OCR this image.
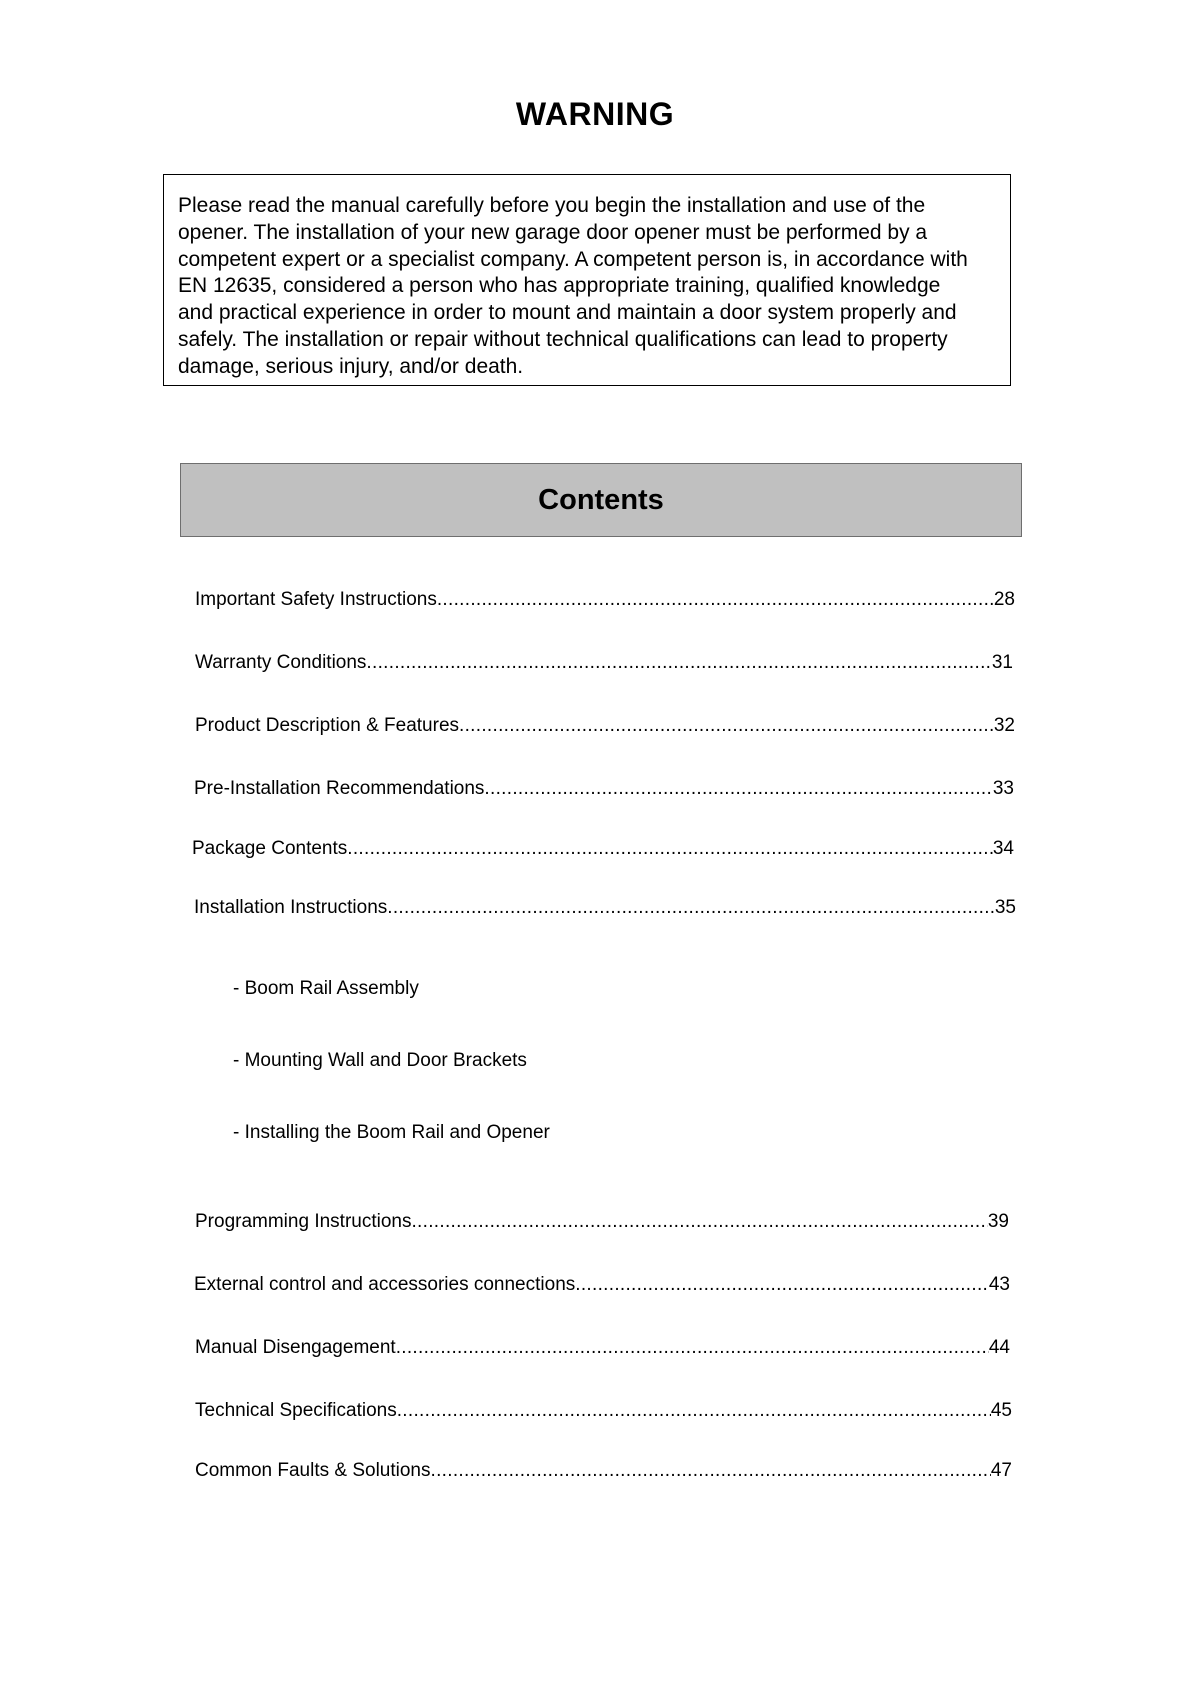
WARNING

Please read the manual carefully before you begin the installation and use of the
opener. The installation of your new garage door opener must be performed by a
competent expert or a specialist company. A competent person is, in accordance with
EN 12635, considered a person who has appropriate training, qualified knowledge
and practical experience in order to mount and maintain a door system properly and
safely. The installation or repair without technical qualifications can lead to property
damage, serious injury, and/or death.

Contents
Important Safety Instructions .....	28
Warranty Conditions .....	31
Product Description & Features .....	32
Pre-Installation Recommendations .....	33
Package Contents .....	34
Installation Instructions .....	35
- Boom Rail Assembly
- Mounting Wall and Door Brackets
- Installing the Boom Rail and Opener
Programming Instructions .....	39
External control and accessories connections .....	43
Manual Disengagement .....	44
Technical Specifications .....	45
Common Faults & Solutions .....	47
